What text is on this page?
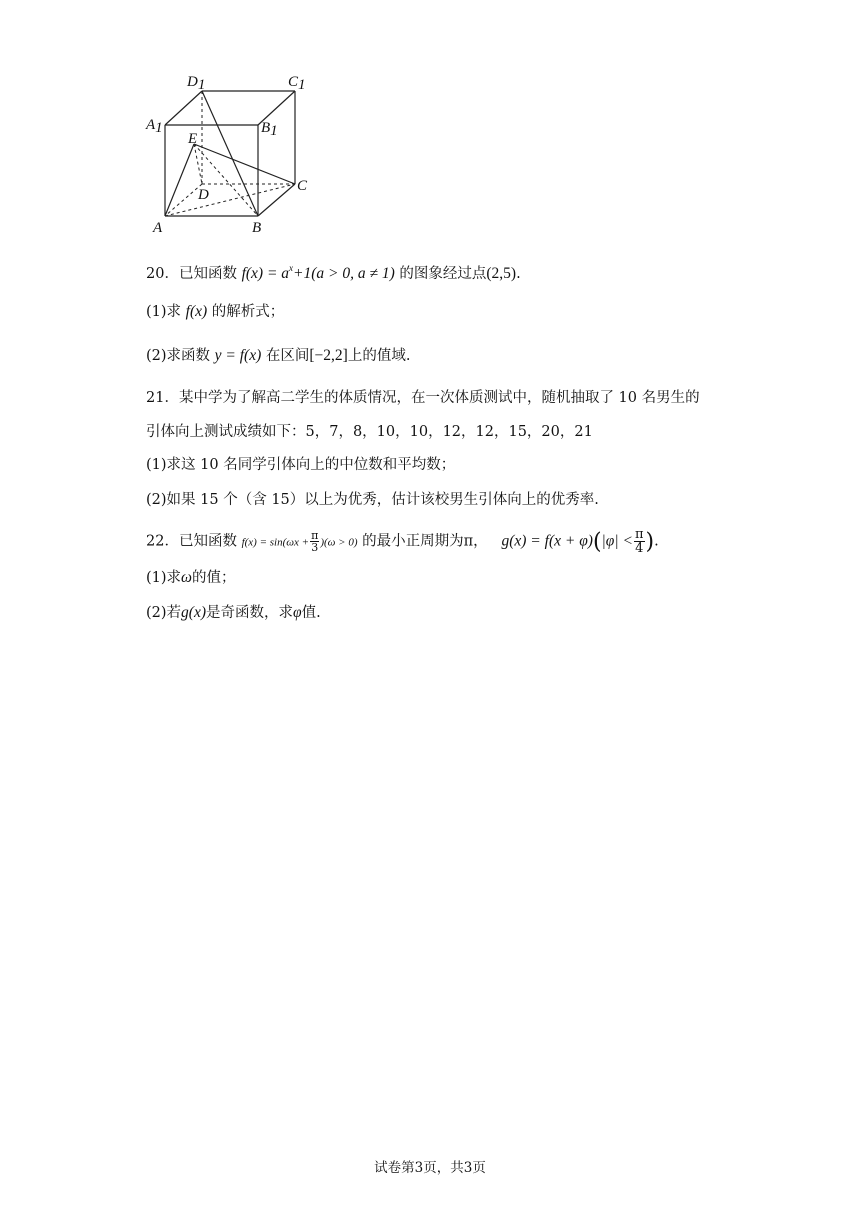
D1	C1
A1	B1
E
D
C
A	B
20．已知函数 $f(x) = a^x+1(a > 0$, a ≠ 1) 的图象经过点(2,5).
(1)求 f(x) 的解析式；
(2)求函数 y = f(x) 在区间[−2,2]上的值域.
21．某中学为了解高二学生的体质情况，在一次体质测试中，随机抽取了 10 名男生的
引体向上测试成绩如下：5，7，8，10，10，12，12，15，20，21
(1)求这 10 名同学引体向上的中位数和平均数；
(2)如果 15 个（含 15）以上为优秀，估计该校男生引体向上的优秀率.
22．已知函数 $f(x) = \sin(\omega x + \frac{\pi}{3} )(\omega > 0)$ 的最小正周期为π， $g(x) = f(x + \varphi)(|\varphi| < \frac{\pi}{4}$ ).
(1)求ω的值；
(2)若g(x)是奇函数，求φ值.
试卷第3页，共3页
